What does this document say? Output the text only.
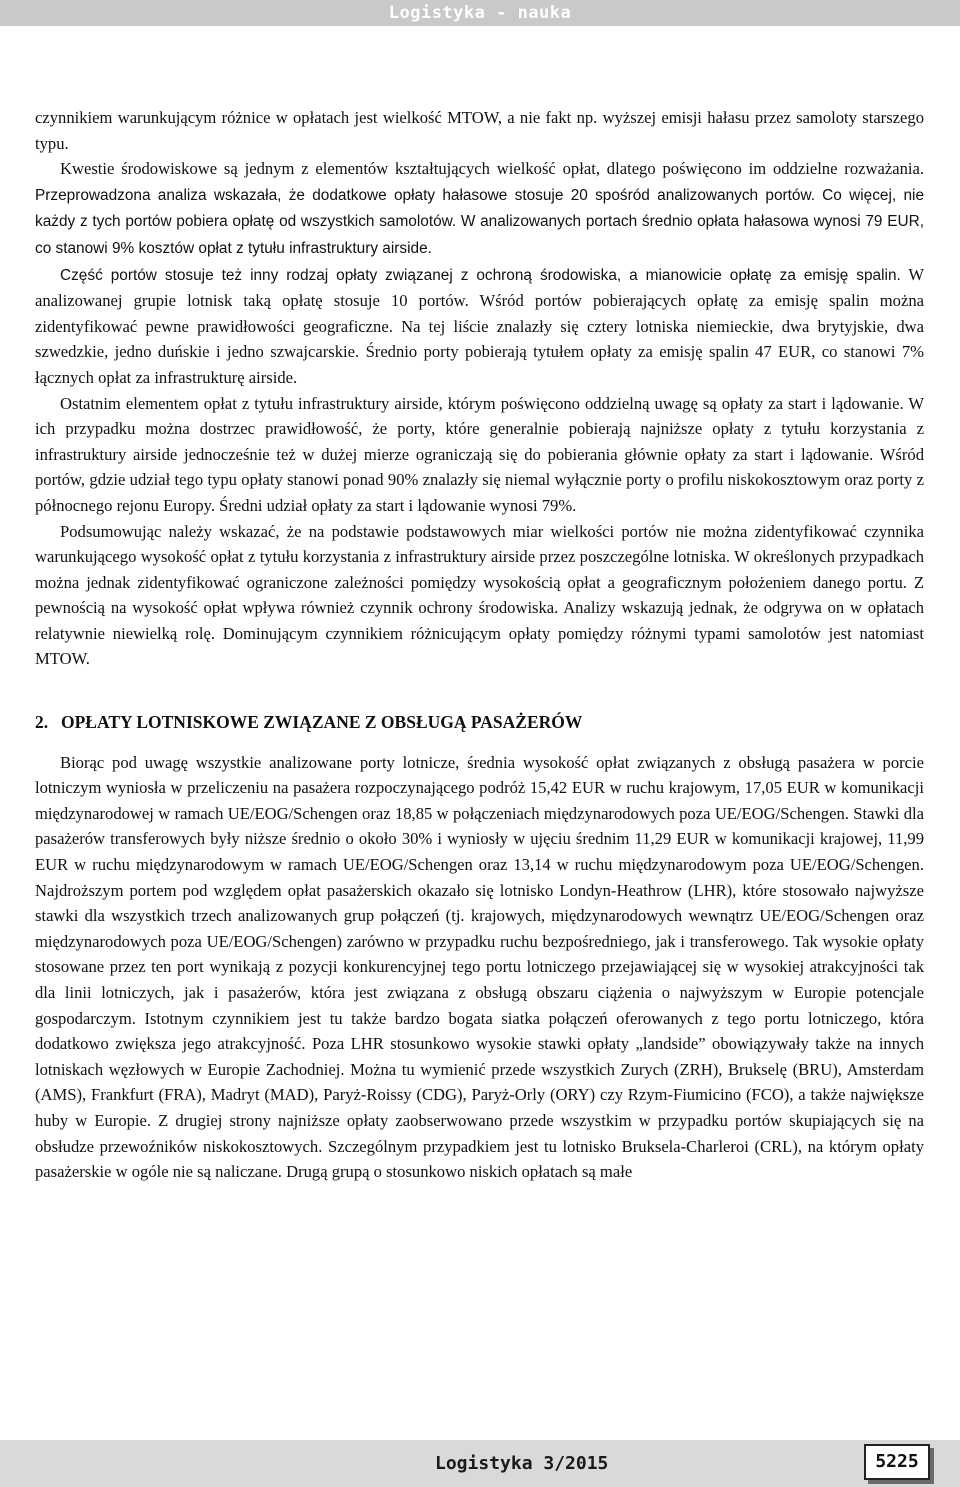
Logistyka - nauka

czynnikiem warunkującym różnice w opłatach jest wielkość MTOW, a nie fakt np. wyższej emisji hałasu przez samoloty starszego typu.

Kwestie środowiskowe są jednym z elementów kształtujących wielkość opłat, dlatego poświęcono im oddzielne rozważania. Przeprowadzona analiza wskazała, że dodatkowe opłaty hałasowe stosuje 20 spośród analizowanych portów. Co więcej, nie każdy z tych portów pobiera opłatę od wszystkich samolotów. W analizowanych portach średnio opłata hałasowa wynosi 79 EUR, co stanowi 9% kosztów opłat z tytułu infrastruktury airside.

Część portów stosuje też inny rodzaj opłaty związanej z ochroną środowiska, a mianowicie opłatę za emisję spalin. W analizowanej grupie lotnisk taką opłatę stosuje 10 portów. Wśród portów pobierających opłatę za emisję spalin można zidentyfikować pewne prawidłowości geograficzne. Na tej liście znalazły się cztery lotniska niemieckie, dwa brytyjskie, dwa szwedzkie, jedno duńskie i jedno szwajcarskie. Średnio porty pobierają tytułem opłaty za emisję spalin 47 EUR, co stanowi 7% łącznych opłat za infrastrukturę airside.

Ostatnim elementem opłat z tytułu infrastruktury airside, którym poświęcono oddzielną uwagę są opłaty za start i lądowanie. W ich przypadku można dostrzec prawidłowość, że porty, które generalnie pobierają najniższe opłaty z tytułu korzystania z infrastruktury airside jednocześnie też w dużej mierze ograniczają się do pobierania głównie opłaty za start i lądowanie. Wśród portów, gdzie udział tego typu opłaty stanowi ponad 90% znalazły się niemal wyłącznie porty o profilu niskokosztowym oraz porty z północnego rejonu Europy. Średni udział opłaty za start i lądowanie wynosi 79%.

Podsumowując należy wskazać, że na podstawie podstawowych miar wielkości portów nie można zidentyfikować czynnika warunkującego wysokość opłat z tytułu korzystania z infrastruktury airside przez poszczególne lotniska. W określonych przypadkach można jednak zidentyfikować ograniczone zależności pomiędzy wysokością opłat a geograficznym położeniem danego portu. Z pewnością na wysokość opłat wpływa również czynnik ochrony środowiska. Analizy wskazują jednak, że odgrywa on w opłatach relatywnie niewielką rolę. Dominującym czynnikiem różnicującym opłaty pomiędzy różnymi typami samolotów jest natomiast MTOW.

2. OPŁATY LOTNISKOWE ZWIĄZANE Z OBSŁUGĄ PASAŻERÓW

Biorąc pod uwagę wszystkie analizowane porty lotnicze, średnia wysokość opłat związanych z obsługą pasażera w porcie lotniczym wyniosła w przeliczeniu na pasażera rozpoczynającego podróż 15,42 EUR w ruchu krajowym, 17,05 EUR w komunikacji międzynarodowej w ramach UE/EOG/Schengen oraz 18,85 w połączeniach międzynarodowych poza UE/EOG/Schengen. Stawki dla pasażerów transferowych były niższe średnio o około 30% i wyniosły w ujęciu średnim 11,29 EUR w komunikacji krajowej, 11,99 EUR w ruchu międzynarodowym w ramach UE/EOG/Schengen oraz 13,14 w ruchu międzynarodowym poza UE/EOG/Schengen. Najdroższym portem pod względem opłat pasażerskich okazało się lotnisko Londyn-Heathrow (LHR), które stosowało najwyższe stawki dla wszystkich trzech analizowanych grup połączeń (tj. krajowych, międzynarodowych wewnątrz UE/EOG/Schengen oraz międzynarodowych poza UE/EOG/Schengen) zarówno w przypadku ruchu bezpośredniego, jak i transferowego. Tak wysokie opłaty stosowane przez ten port wynikają z pozycji konkurencyjnej tego portu lotniczego przejawiającej się w wysokiej atrakcyjności tak dla linii lotniczych, jak i pasażerów, która jest związana z obsługą obszaru ciążenia o najwyższym w Europie potencjale gospodarczym. Istotnym czynnikiem jest tu także bardzo bogata siatka połączeń oferowanych z tego portu lotniczego, która dodatkowo zwiększa jego atrakcyjność. Poza LHR stosunkowo wysokie stawki opłaty „landside” obowiązywały także na innych lotniskach węzłowych w Europie Zachodniej. Można tu wymienić przede wszystkich Zurych (ZRH), Brukselę (BRU), Amsterdam (AMS), Frankfurt (FRA), Madryt (MAD), Paryż-Roissy (CDG), Paryż-Orly (ORY) czy Rzym-Fiumicino (FCO), a także największe huby w Europie. Z drugiej strony najniższe opłaty zaobserwowano przede wszystkim w przypadku portów skupiających się na obsłudze przewoźników niskokosztowych. Szczególnym przypadkiem jest tu lotnisko Bruksela-Charleroi (CRL), na którym opłaty pasażerskie w ogóle nie są naliczane. Drugą grupą o stosunkowo niskich opłatach są małe

Logistyka 3/2015	5225
